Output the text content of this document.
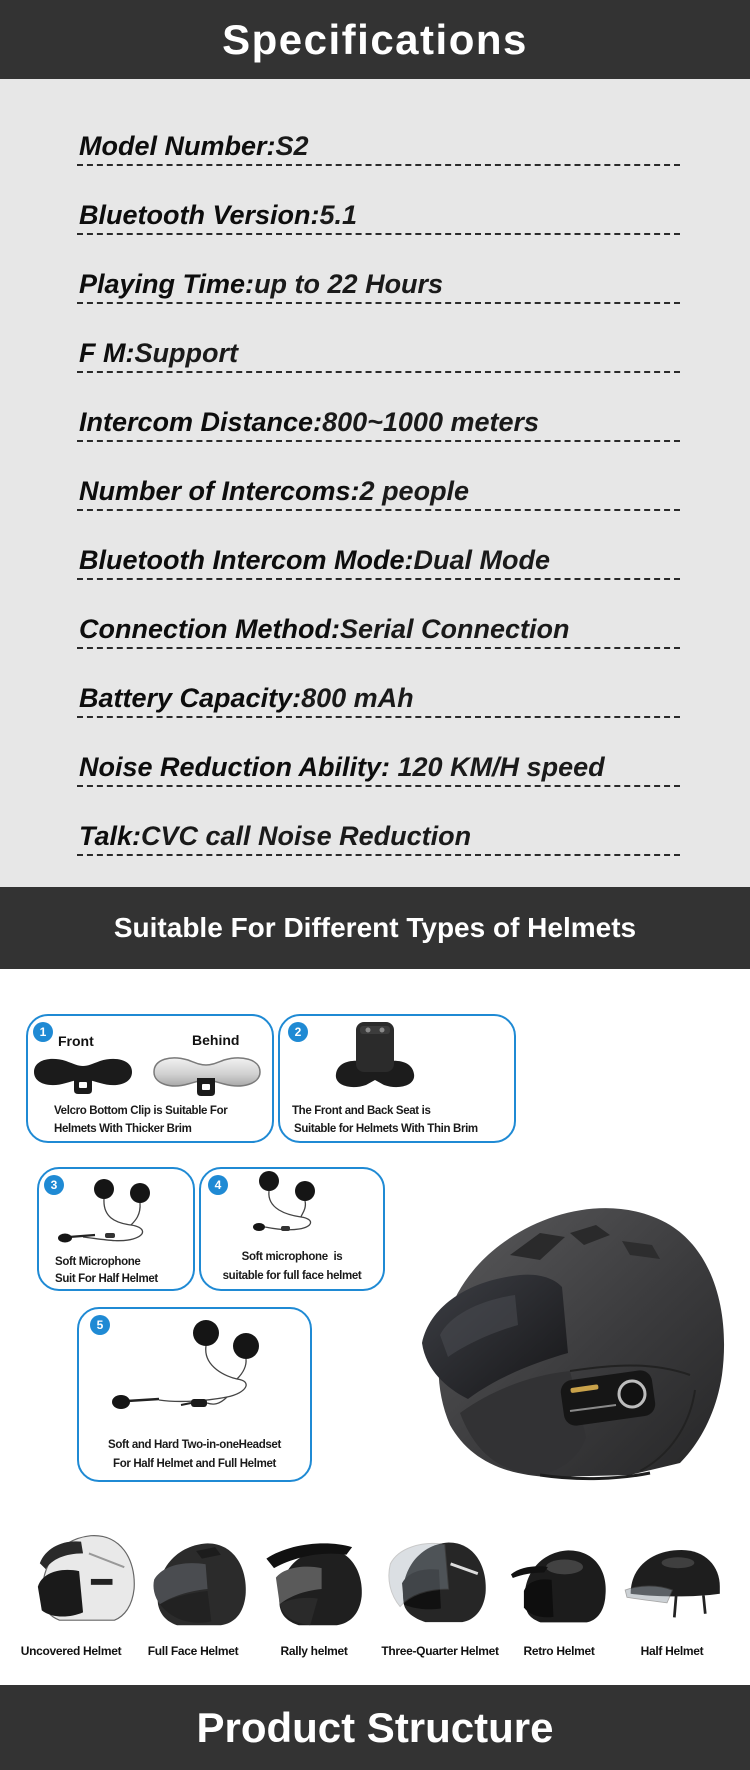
Specifications
Model Number: S2
Bluetooth Version: 5.1
Playing Time: up to 22 Hours
F M: Support
Intercom Distance: 800~1000 meters
Number of Intercoms: 2 people
Bluetooth Intercom Mode: Dual Mode
Connection Method: Serial Connection
Battery Capacity: 800 mAh
Noise Reduction Ability: 120 KM/H speed
Talk: CVC call Noise Reduction
Suitable For Different Types of Helmets
1
Front	Behind
Velcro Bottom Clip is Suitable For
Helmets With Thicker Brim
2
The Front and Back Seat is
Suitable for Helmets With Thin Brim
3
Soft Microphone
Suit For Half Helmet
4
Soft microphone  is
suitable for full face helmet
5
Soft and Hard Two-in-oneHeadset
For Half Helmet and Full Helmet
Uncovered Helmet	Full Face Helmet	Rally helmet	Three-Quarter Helmet	Retro Helmet	Half Helmet
Product Structure
